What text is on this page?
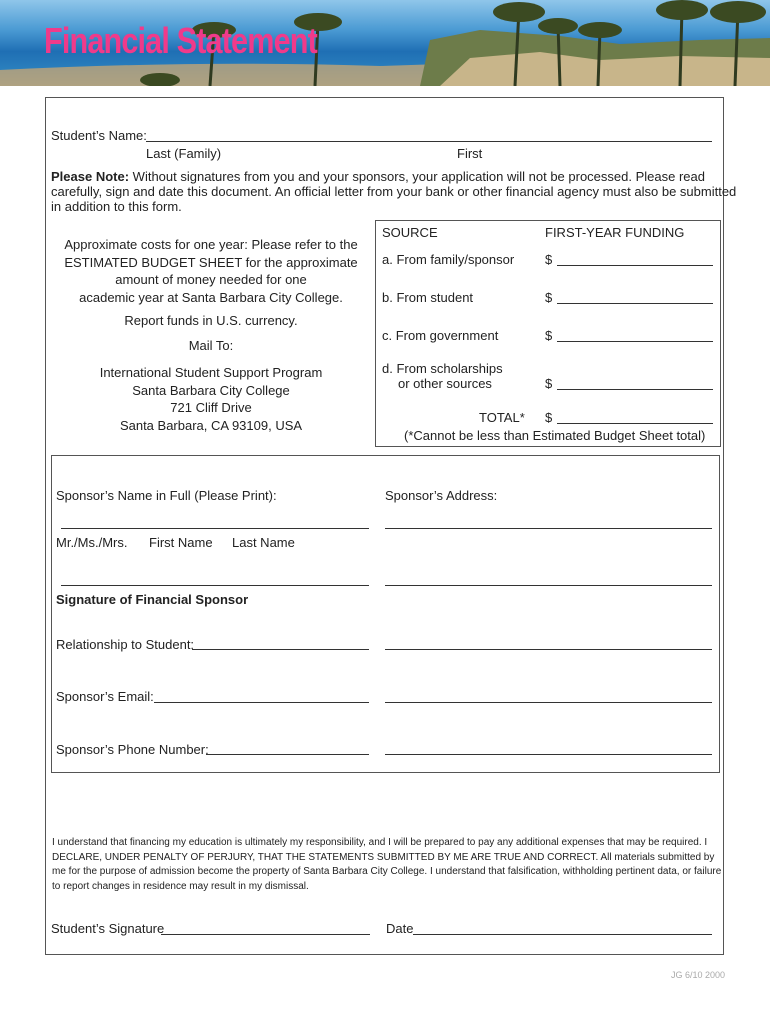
Financial Statement
Student’s Name:
Last (Family)	First
Please Note: Without signatures from you and your sponsors, your application will not be processed. Please read
carefully, sign and date this document. An official letter from your bank or other financial agency must also be submitted
in addition to this form.
Approximate costs for one year: Please refer to the
ESTIMATED BUDGET SHEET for the approximate
amount of money needed for one
academic year at Santa Barbara City College.
Report funds in U.S. currency.
Mail To:
International Student Support Program
Santa Barbara City College
721 Cliff Drive
Santa Barbara, CA 93109, USA
SOURCE	FIRST-YEAR FUNDING
a. From family/sponsor $
b. From student	$
c. From government	$
d. From scholarships
or other sources	$
TOTAL* $
(*Cannot be less than Estimated Budget Sheet total)
Sponsor’s Name in Full (Please Print):	Sponsor’s Address:
Mr./Ms./Mrs. First Name Last Name
Signature of Financial Sponsor
Relationship to Student:
Sponsor’s Email:
Sponsor’s Phone Number:
I understand that financing my education is ultimately my responsibility, and I will be prepared to pay any additional expenses that may be required. I
DECLARE, UNDER PENALTY OF PERJURY, THAT THE STATEMENTS SUBMITTED BY ME ARE TRUE AND CORRECT. All materials submitted by
me for the purpose of admission become the property of Santa Barbara City College. I understand that falsification, withholding pertinent data, or failure
to report changes in residence may result in my dismissal.
Student’s Signature	Date
JG 6/10 2000
